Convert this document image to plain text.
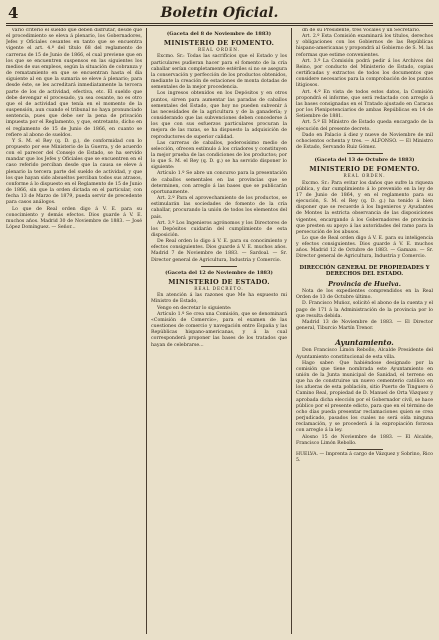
4	Boletin Oficial.

vario criterio el sueldo que deben disfrutar, desde que el procedimiento se eleva á plenario, los Gobernadores, Jefes y Oficiales cesantes en tanto que se encuentra vigente el art. 4.º del título 68 del reglamento de carreras de 15 de Junio de 1866, el cual previene que en los que se encuentren suspensos en las siguientes los medios de sus empleos, según la situación de cobranza y de rematamiento en que se encuentran hasta el día siguiente al en que la sumaria se eleve á plenario; para desde éste, se les acreditará inmediatamente la tercera parte de los de actividad, efectiva, etc. El sueldo que debe devengar el procesado, ya sea cesante, no es otro que el de actividad que tenía en el momento de la suspensión, aun cuando el tribunal no haya pronunciado sentencia, pues que debe ser la pena de privación impuesta por el Reglamento, y que, entretanto, dicho en el reglamento de 15 de Junio de 1866, en cuanto se refiere al abono de sueldos.

Y S. M. el Rey (q. D. g.), de conformidad con lo propuesto por ese Ministerio de la Guerra, y de acuerdo con el parecer del Consejo de Estado, se ha servido mandar que los Jefes y Oficiales que se encuentren en el caso referido perciban desde que la causa se eleve á plenario la tercera parte del sueldo de actividad, y que los que hayan sido absueltos perciban todos sus atrasos, conforme á lo dispuesto en el Reglamento de 15 de Junio de 1866, sin que la orden dictada en el particular, con fecha 13 de Marzo de 1879, pueda servir de precedente para casos análogos.

Lo que de Real orden digo á V. E. para su conocimiento y demás efectos. Dios guarde á V. E. muchos años. Madrid 30 de Noviembre de 1883. — José López Domínguez. — Señor...

(Gaceta del 8 de Noviembre de 1883)
MINISTERIO DE FOMENTO.
REAL ORDEN.

Excmo. Sr.: Todas las sacrificios que el Estado y los particulares pudieran hacer para el fomento de la cría caballar serían completamente estériles si no se asegura la conservación y perfección de los productos obtenidos, mediante la creación de estaciones de monta dotadas de sementales de la mejor procedencia.

Los ingresos obtenidos en los Depósitos y en otros puntos, sirven para aumentar las paradas de caballos sementales del Estado, que hoy no pueden subvenir á las necesidades de la agricultura y de la ganadería; y considerando que las subvenciones deben concederse á los que con sus esfuerzos particulares procuran la mejora de las razas, se ha dispuesto la adquisición de reproductores de superior calidad.

Las carreras de caballos, poderosísimo medio de selección, ofrecen estímulo á los criadores y constituyen la mejor prueba de las condiciones de los productos; por lo que S. M. el Rey (q. D. g.) se ha servido disponer lo siguiente:

Artículo 1.º Se abre un concurso para la presentación de caballos sementales en las provincias que se determinen, con arreglo á las bases que se publicarán oportunamente.

Art. 2.º Para el aprovechamiento de los productos, se estimularán las sociedades de fomento de la cría caballar, procurando la unión de todos los elementos del país.

Art. 3.º Los Ingenieros agrónomos y los Directores de los Depósitos cuidarán del cumplimiento de esta disposición.

De Real orden lo digo á V. E. para su conocimiento y efectos consiguientes. Dios guarde á V. E. muchos años. Madrid 7 de Noviembre de 1883. — Sardoal. — Sr. Director general de Agricultura, Industria y Comercio.

(Gaceta del 12 de Noviembre de 1883)
MINISTERIO DE ESTADO.
REAL DECRETO.

En atención á las razones que Me ha expuesto mi Ministro de Estado,

Vengo en decretar lo siguiente:

Artículo 1.º Se crea una Comisión, que se denominará «Comisión de Comercio», para el examen de las cuestiones de comercio y navegación entre España y las Repúblicas hispano-americanas, y á la cual corresponderá proponer las bases de los tratados que hayan de celebrarse...

dh de su Presidente, tres Vocales y un Secretario.

Art. 2.º Esta Comisión examinará los títulos, derechos y obligaciones con los Gobiernos de las Repúblicas hispano-americanas y propondrá al Gobierno de S. M. las reformas que estime convenientes.

Art. 3.º La Comisión podrá pedir á los Archivos del Reino, por conducto del Ministerio de Estado, copias certificadas y extractos de todos los documentos que considere necesarios para la comprobación de los puntos litigiosos.

Art. 4.º En vista de todos estos datos, la Comisión propondrá el informe, que será redactado con arreglo á las bases consignadas en el Tratado ajustado en Caracas por los Plenipotenciarios de ambas Repúblicas en 14 de Setiembre de 1881.

Art. 5.º El Ministro de Estado queda encargado de la ejecución del presente decreto.

Dado en Palacio á diez y nueve de Noviembre de mil ochocientos ochenta y tres. — ALFONSO. — El Ministro de Estado, Servando Ruiz Gómez.

(Gaceta del 13 de Octubre de 1883)
MINISTERIO DE FOMENTO.
REAL ORDEN.

Excmo. Sr.: Para evitar los daños que sufre la riqueza pública, y dar cumplimiento á lo prevenido en la ley de 17 de Junio de 1864, y en el reglamento para su ejecución, S. M. el Rey (q. D. g.) ha tenido á bien disponer que se recuerde á los Ingenieros y Ayudantes de Montes la estricta observancia de las disposiciones vigentes, encargando á los Gobernadores de provincia que presten su apoyo á las autoridades del ramo para la persecución de los abusos.

Lo que de Real orden digo á V. E. para su inteligencia y efectos consiguientes. Dios guarde á V. E. muchos años. Madrid 12 de Octubre de 1883. — Gamazo. — Sr. Director general de Agricultura, Industria y Comercio.

DIRECCIÓN GENERAL DE PROPIEDADES Y DERECHOS DEL ESTADO.
Provincia de Huelva.

Nota de los expedientes comprendidos en la Real Orden de 13 de Octubre último.

D. Francisco Muñoz, solicitó el abono de la cuenta y el pago de 171 á la Administración de la provincia por lo que resulta debida.

Madrid 13 de Noviembre de 1883. — El Director general, Tiburcio Martín Trenor.

Ayuntamiento.

Don Francisco Limón Rebollo, Alcalde Presidente del Ayuntamiento constitucional de esta villa.

Hago saber: Que habiéndose designado por la comisión que tiene nombrada este Ayuntamiento en unión de la Junta municipal de Sanidad, el terreno en que ha de construirse un nuevo cementerio católico en los afueras de esta población, sitio Puerto de Tinguero ó Camino Real, propiedad de D. Manuel de Orta Vázquez y aprobada dicha elección por el Gobernador civil, se hace público por el presente edicto, para que en el término de ocho días pueda presentar reclamaciones quien se crea perjudicado, pasados los cuales no será oída ninguna reclamación, y se procederá á la expropiación forzosa con arreglo á la ley.

Alosno 15 de Noviembre de 1883. — El Alcalde, Francisco Limón Rebollo.

HUELVA. — Imprenta á cargo de Vázquez y Sobrino, Rico 5.
